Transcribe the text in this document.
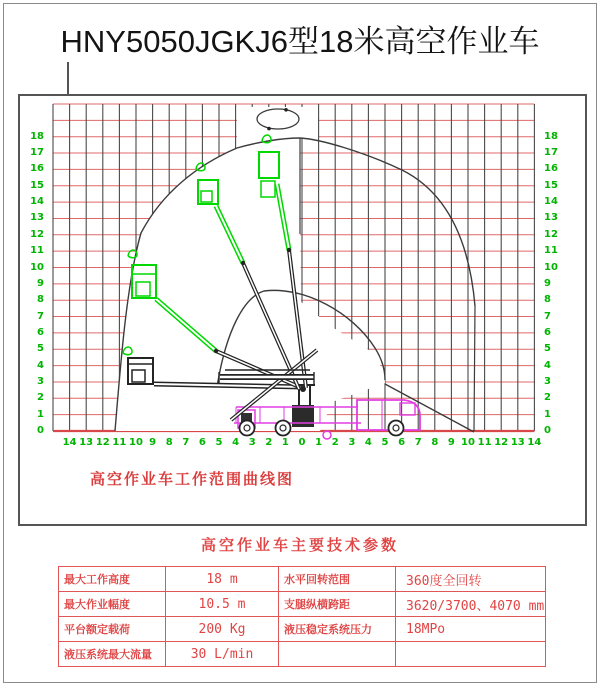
HNY5050JGKJ6型18米高空作业车
18
17
16
15
14
13
12
11
10
9
8
7
6
5
4
3
2
1
0
18
17
16
15
14
13
12
11
10
9
8
7
6
5
4
3
2
1
0
14 13 12 11 10 9 8 7 6 5 4 3 2 1 0 1 2 3 4 5 6 7 8 9 10 11 12 13 14
高空作业车工作范围曲线图
高空作业车主要技术参数
最大工作高度	18 m	水平回转范围	360度全回转
最大作业幅度	10.5 m	支腿纵横跨距	3620/3700、4070 mm
平台额定载荷	200 Kg	液压稳定系统压力	18MPo
液压系统最大流量	30 L/min		
